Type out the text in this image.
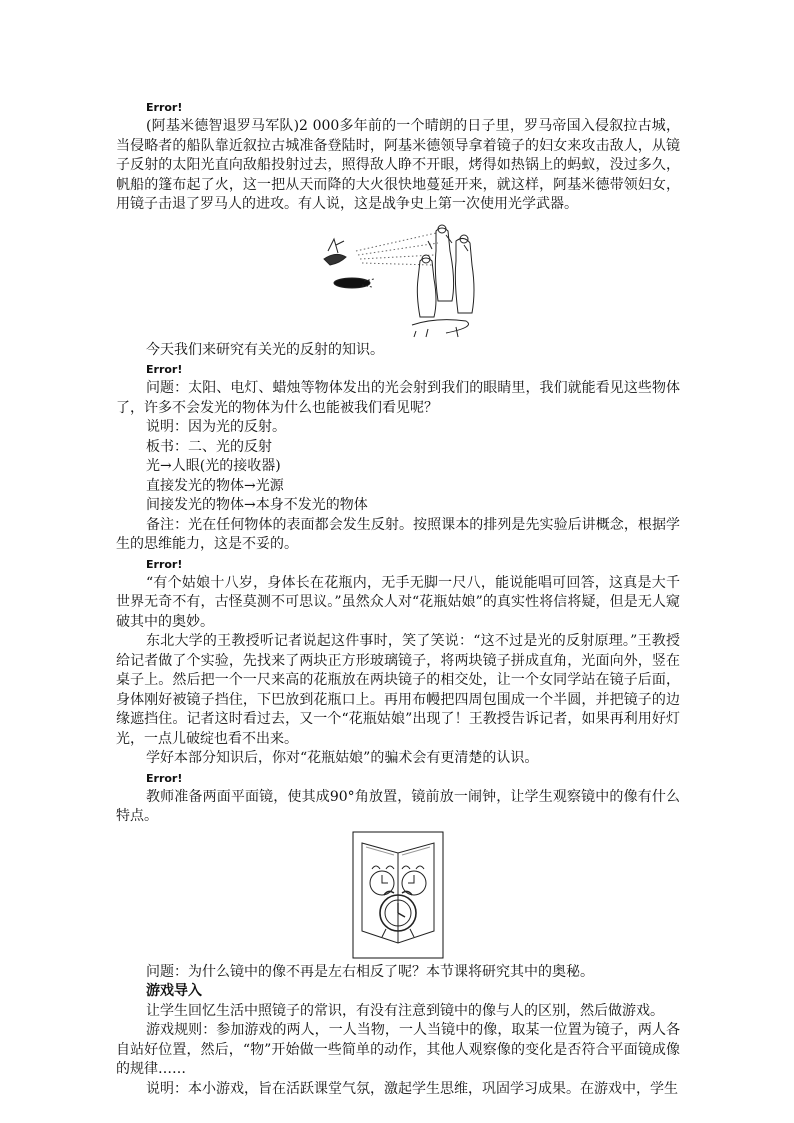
Error!

(阿基米德智退罗马军队)2 000多年前的一个晴朗的日子里，罗马帝国入侵叙拉古城，当侵略者的船队靠近叙拉古城准备登陆时，阿基米德领导拿着镜子的妇女来攻击敌人，从镜子反射的太阳光直向敌船投射过去，照得敌人睁不开眼，烤得如热锅上的蚂蚁，没过多久，帆船的篷布起了火，这一把从天而降的大火很快地蔓延开来，就这样，阿基米德带领妇女，用镜子击退了罗马人的进攻。有人说，这是战争史上第一次使用光学武器。

今天我们来研究有关光的反射的知识。

Error!

问题：太阳、电灯、蜡烛等物体发出的光会射到我们的眼睛里，我们就能看见这些物体了，许多不会发光的物体为什么也能被我们看见呢？

说明：因为光的反射。

板书：二、光的反射

光→人眼(光的接收器)

直接发光的物体→光源

间接发光的物体→本身不发光的物体

备注：光在任何物体的表面都会发生反射。按照课本的排列是先实验后讲概念，根据学生的思维能力，这是不妥的。

Error!

“有个姑娘十八岁，身体长在花瓶内，无手无脚一尺八，能说能唱可回答，这真是大千世界无奇不有，古怪莫测不可思议。”虽然众人对“花瓶姑娘”的真实性将信将疑，但是无人窥破其中的奥妙。

东北大学的王教授听记者说起这件事时，笑了笑说：“这不过是光的反射原理。”王教授给记者做了个实验，先找来了两块正方形玻璃镜子，将两块镜子拼成直角，光面向外，竖在桌子上。然后把一个一尺来高的花瓶放在两块镜子的相交处，让一个女同学站在镜子后面，身体刚好被镜子挡住，下巴放到花瓶口上。再用布幔把四周包围成一个半圆，并把镜子的边缘遮挡住。记者这时看过去，又一个“花瓶姑娘”出现了！王教授告诉记者，如果再利用好灯光，一点儿破绽也看不出来。

学好本部分知识后，你对“花瓶姑娘”的骗术会有更清楚的认识。

Error!

教师准备两面平面镜，使其成90°角放置，镜前放一闹钟，让学生观察镜中的像有什么特点。

问题：为什么镜中的像不再是左右相反了呢？本节课将研究其中的奥秘。

游戏导入

让学生回忆生活中照镜子的常识，有没有注意到镜中的像与人的区别，然后做游戏。

游戏规则：参加游戏的两人，一人当物，一人当镜中的像，取某一位置为镜子，两人各自站好位置，然后，“物”开始做一些简单的动作，其他人观察像的变化是否符合平面镜成像的规律……

说明：本小游戏，旨在活跃课堂气氛，激起学生思维，巩固学习成果。在游戏中，学生
